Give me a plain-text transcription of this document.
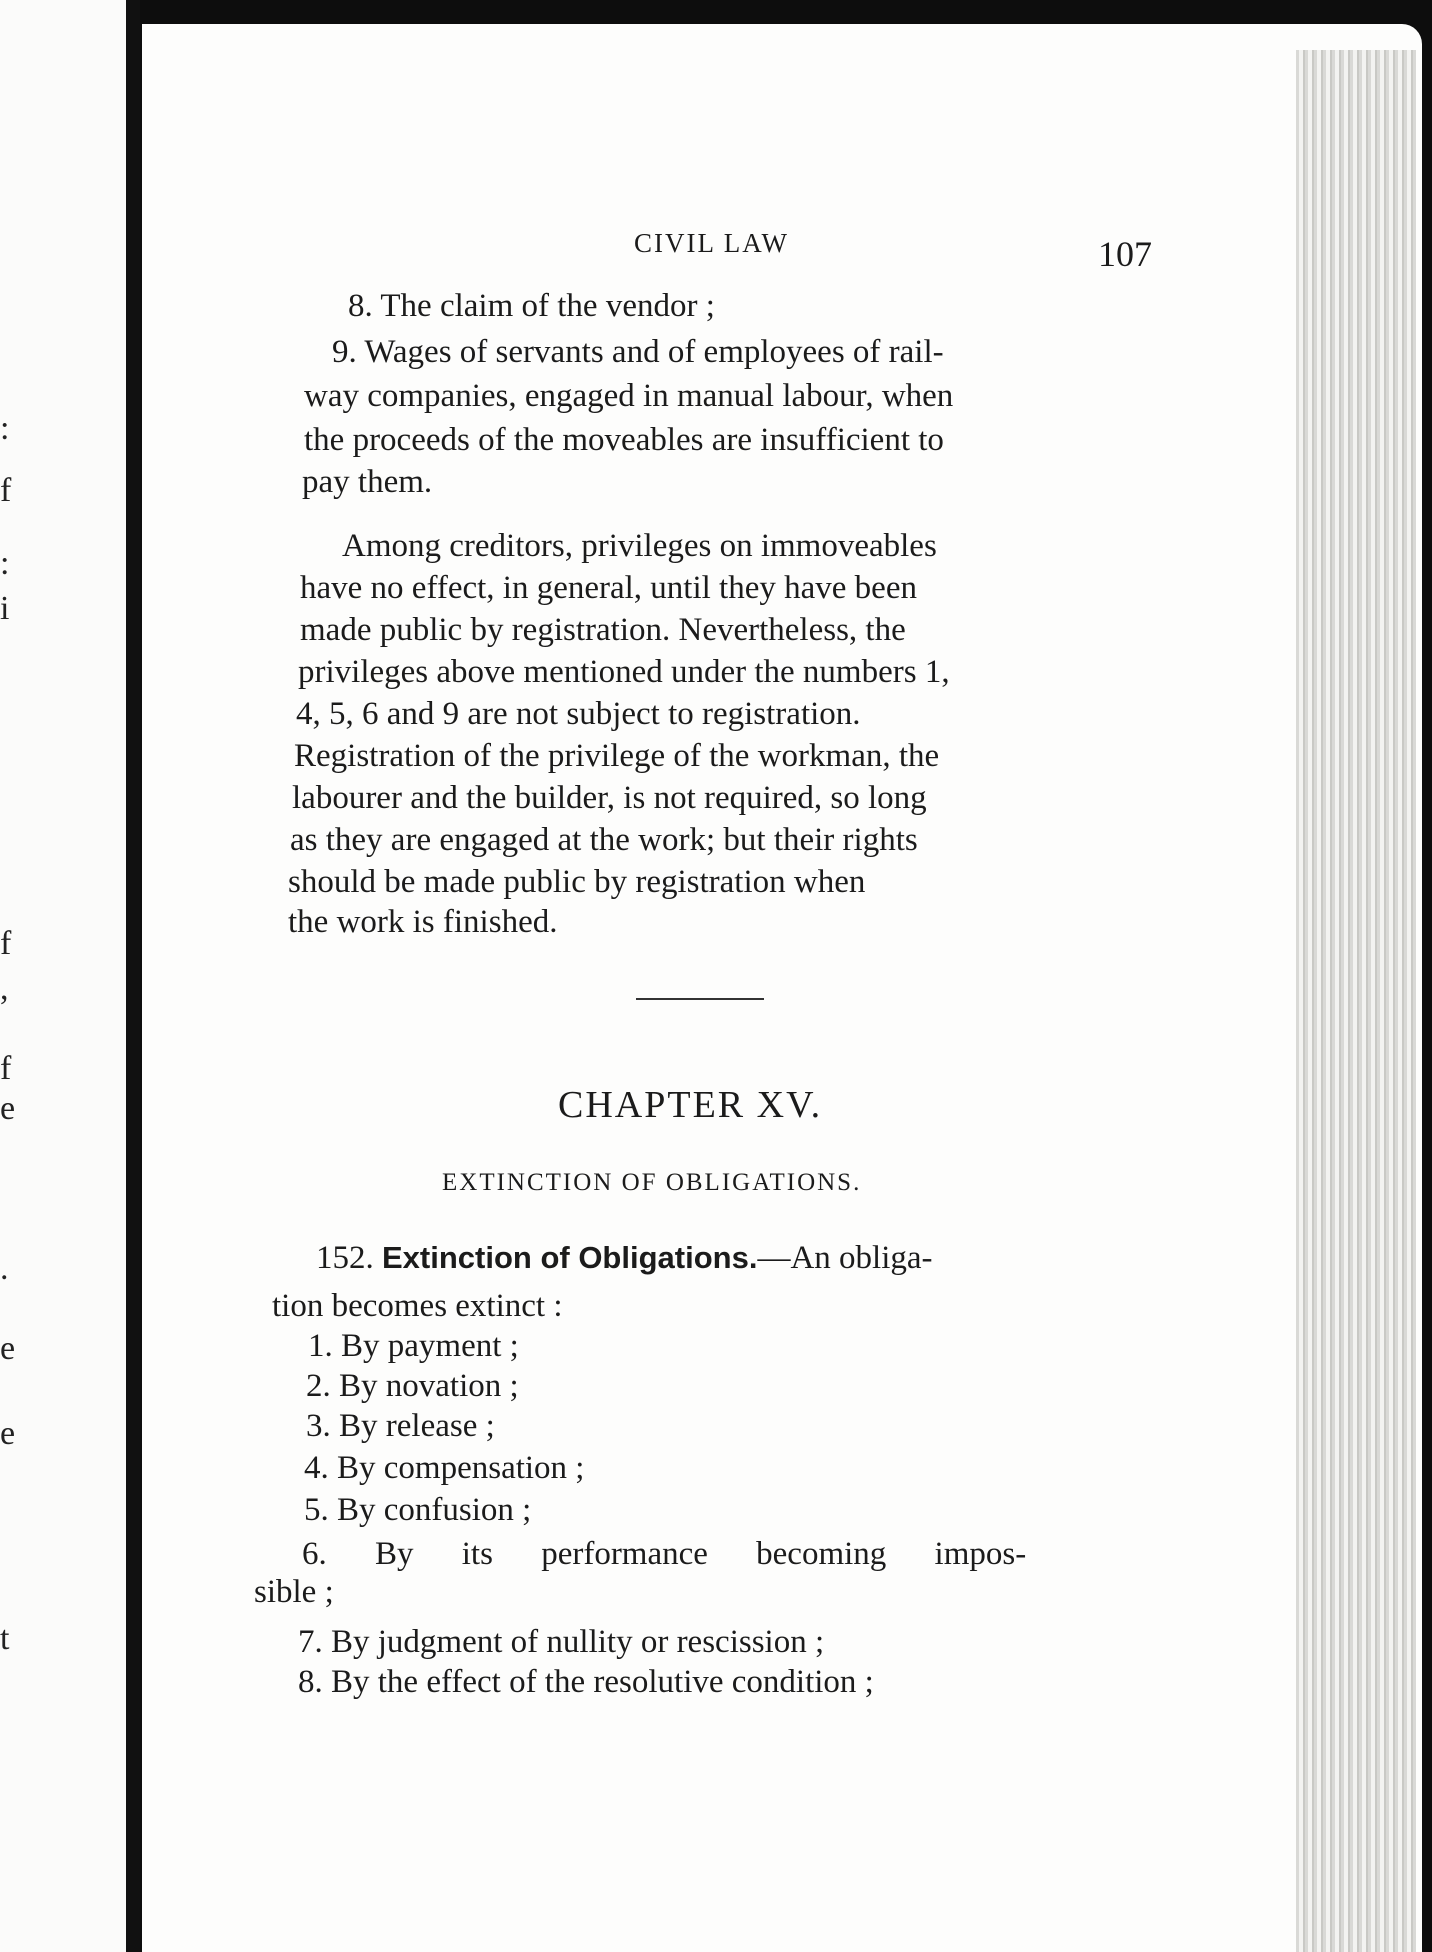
:
f
:
i
f
,
f
e
.
e
e
t
CIVIL LAW	107
8. The claim of the vendor ;
9. Wages of servants and of employees of rail-
way companies, engaged in manual labour, when
the proceeds of the moveables are insufficient to
pay them.
Among creditors, privileges on immoveables
have no effect, in general, until they have been
made public by registration. Nevertheless, the
privileges above mentioned under the numbers 1,
4, 5, 6 and 9 are not subject to registration.
Registration of the privilege of the workman, the
labourer and the builder, is not required, so long
as they are engaged at the work; but their rights
should be made public by registration when
the work is finished.
CHAPTER XV.
EXTINCTION OF OBLIGATIONS.
152. Extinction of Obligations.—An obliga-
tion becomes extinct :
1. By payment ;
2. By novation ;
3. By release ;
4. By compensation ;
5. By confusion ;
6. By its performance becoming impos-
sible ;
7. By judgment of nullity or rescission ;
8. By the effect of the resolutive condition ;
